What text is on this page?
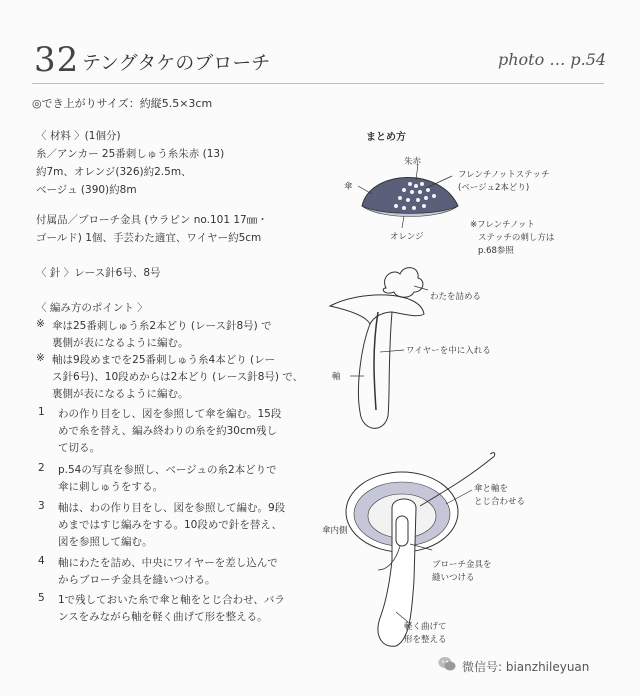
32 テングタケのブローチ	photo … p.54
◎でき上がりサイズ：約縦5.5×3cm
〈 材料 〉(1個分)
糸／アンカー 25番刺しゅう糸朱赤 (13)
約7m、オレンジ(326)約2.5m、
ベージュ (390)約8m
付属品／ブローチ金具 (ウラピン no.101 17㎜・
ゴールド) 1個、手芸わた適宜、ワイヤー約5cm
〈 針 〉レース針6号、8号
〈 編み方のポイント 〉
※ 傘は25番刺しゅう糸2本どり (レース針8号) で
裏側が表になるように編む。
※ 軸は9段めまでを25番刺しゅう糸4本どり (レー
ス針6号)、10段めからは2本どり (レース針8号) で、
裏側が表になるように編む。
1 わの作り目をし、図を参照して傘を編む。15段
めで糸を替え、編み終わりの糸を約30cm残し
て切る。
2 p.54の写真を参照し、ベージュの糸2本どりで
傘に刺しゅうをする。
3 軸は、わの作り目をし、図を参照して編む。9段
めまではすじ編みをする。10段めで針を替え、
図を参照して編む。
4 軸にわたを詰め、中央にワイヤーを差し込んで
からブローチ金具を縫いつける。
5 1で残しておいた糸で傘と軸をとじ合わせ、バラ
ンスをみながら軸を軽く曲げて形を整える。
まとめ方
朱赤
傘
フレンチノットステッチ
(ベージュ2本どり)
オレンジ
※フレンチノット
ステッチの刺し方は
p.68参照
わたを詰める
ワイヤーを中に入れる
軸
傘と軸を
とじ合わせる
傘内側
ブローチ金具を
縫いつける
軽く曲げて
形を整える
微信号: bianzhileyuan
